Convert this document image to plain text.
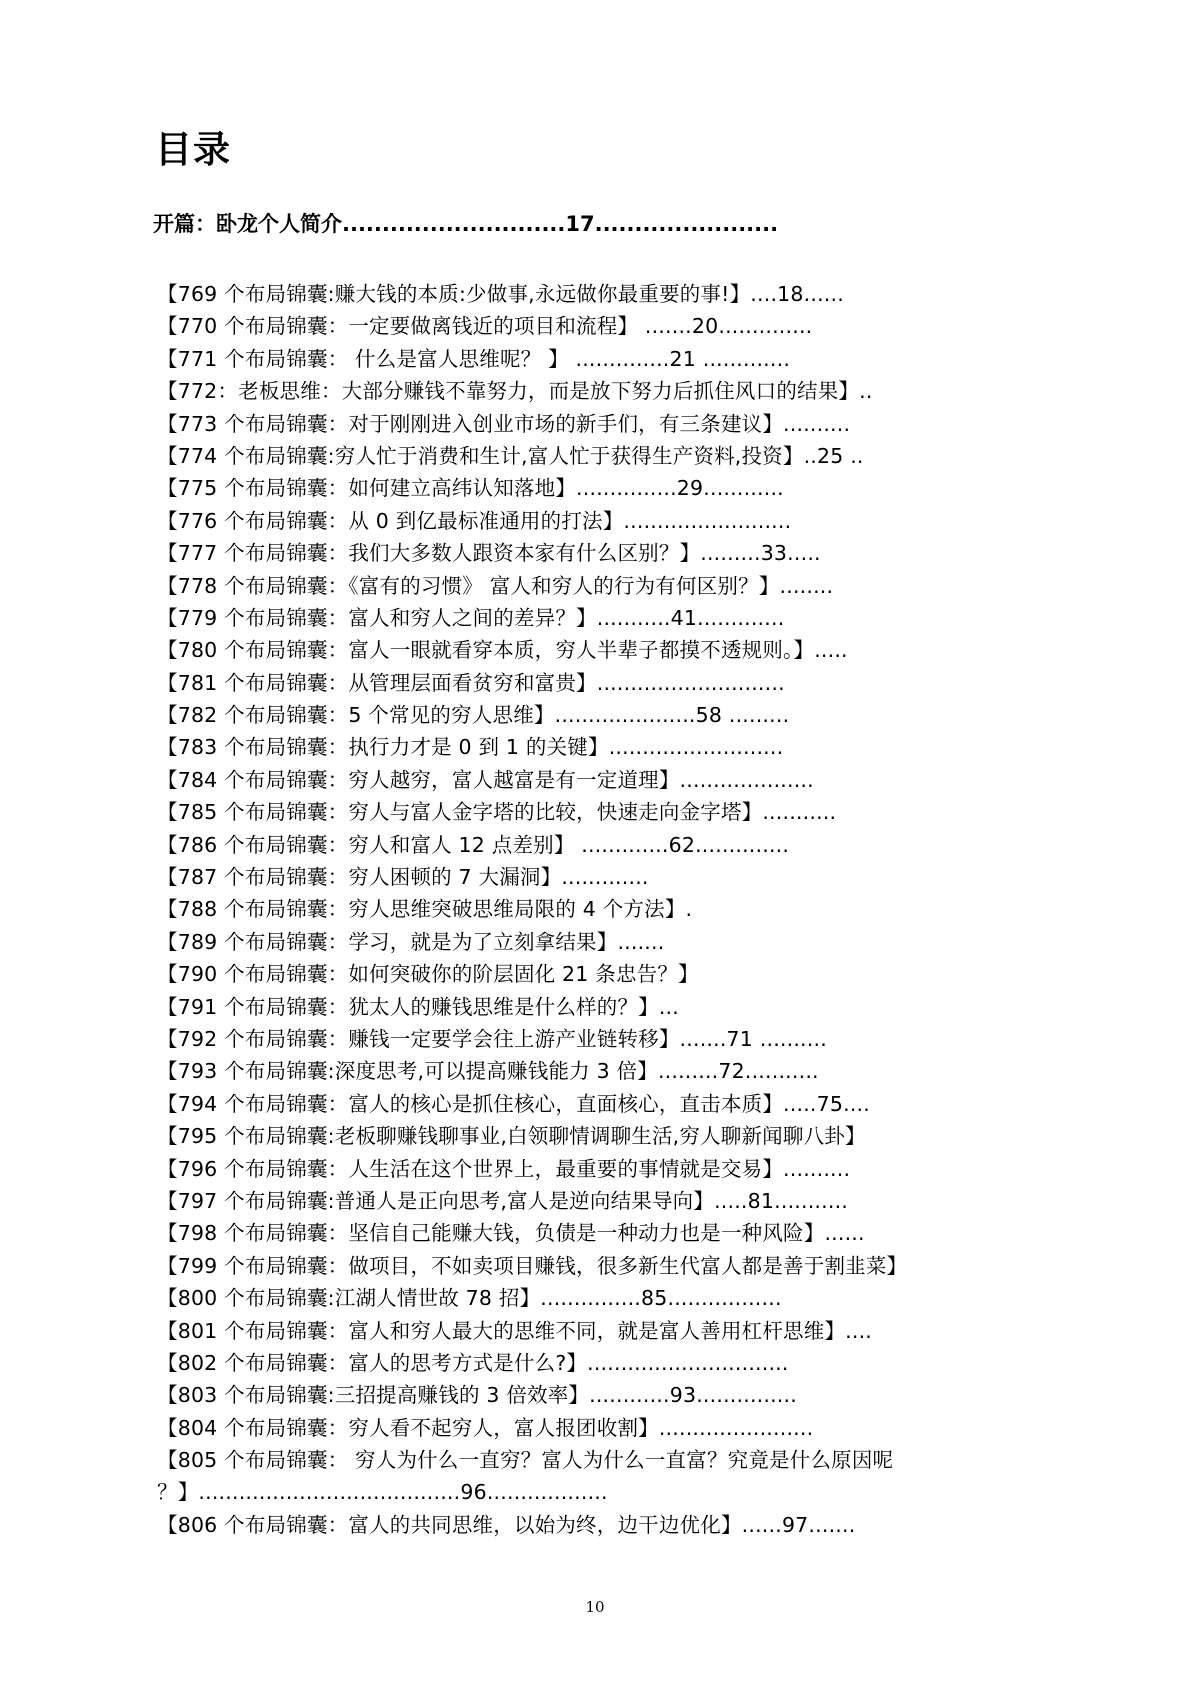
目录
开篇：卧龙个人简介............................17.......................
【769 个布局锦囊:赚大钱的本质:少做事,永远做你最重要的事!】....18......
【770 个布局锦囊：一定要做离钱近的项目和流程】 .......20..............
【771 个布局锦囊： 什么是富人思维呢？ 】 ..............21 .............
【772：老板思维：大部分赚钱不靠努力，而是放下努力后抓住风口的结果】..
【773 个布局锦囊：对于刚刚进入创业市场的新手们，有三条建议】..........
【774 个布局锦囊:穷人忙于消费和生计,富人忙于获得生产资料,投资】..25 ..
【775 个布局锦囊：如何建立高纬认知落地】...............29............
【776 个布局锦囊：从 0 到亿最标准通用的打法】.........................
【777 个布局锦囊：我们大多数人跟资本家有什么区别？】.........33.....
【778 个布局锦囊：《富有的习惯》 富人和穷人的行为有何区别？】........
【779 个布局锦囊：富人和穷人之间的差异？】...........41.............
【780 个布局锦囊：富人一眼就看穿本质，穷人半辈子都摸不透规则。】.....
【781 个布局锦囊：从管理层面看贫穷和富贵】............................
【782 个布局锦囊：5 个常见的穷人思维】.....................58 .........
【783 个布局锦囊：执行力才是 0 到 1 的关键】..........................
【784 个布局锦囊：穷人越穷，富人越富是有一定道理】....................
【785 个布局锦囊：穷人与富人金字塔的比较，快速走向金字塔】...........
【786 个布局锦囊：穷人和富人 12 点差别】 .............62..............
【787 个布局锦囊：穷人困顿的 7 大漏洞】.............
【788 个布局锦囊：穷人思维突破思维局限的 4 个方法】.
【789 个布局锦囊：学习，就是为了立刻拿结果】.......
【790 个布局锦囊：如何突破你的阶层固化 21 条忠告？】
【791 个布局锦囊：犹太人的赚钱思维是什么样的？】...
【792 个布局锦囊：赚钱一定要学会往上游产业链转移】.......71 ..........
【793 个布局锦囊:深度思考,可以提高赚钱能力 3 倍】.........72...........
【794 个布局锦囊：富人的核心是抓住核心，直面核心，直击本质】.....75....
【795 个布局锦囊:老板聊赚钱聊事业,白领聊情调聊生活,穷人聊新闻聊八卦】
【796 个布局锦囊：人生活在这个世界上，最重要的事情就是交易】..........
【797 个布局锦囊:普通人是正向思考,富人是逆向结果导向】.....81...........
【798 个布局锦囊：坚信自己能赚大钱，负债是一种动力也是一种风险】......
【799 个布局锦囊：做项目，不如卖项目赚钱，很多新生代富人都是善于割韭菜】
【800 个布局锦囊:江湖人情世故 78 招】...............85.................
【801 个布局锦囊：富人和穷人最大的思维不同，就是富人善用杠杆思维】....
【802 个布局锦囊：富人的思考方式是什么?】..............................
【803 个布局锦囊:三招提高赚钱的 3 倍效率】............93...............
【804 个布局锦囊：穷人看不起穷人，富人报团收割】.......................
【805 个布局锦囊： 穷人为什么一直穷？富人为什么一直富？究竟是什么原因呢 ？】.......................................96..................
【806 个布局锦囊：富人的共同思维，以始为终，边干边优化】......97.......
10
